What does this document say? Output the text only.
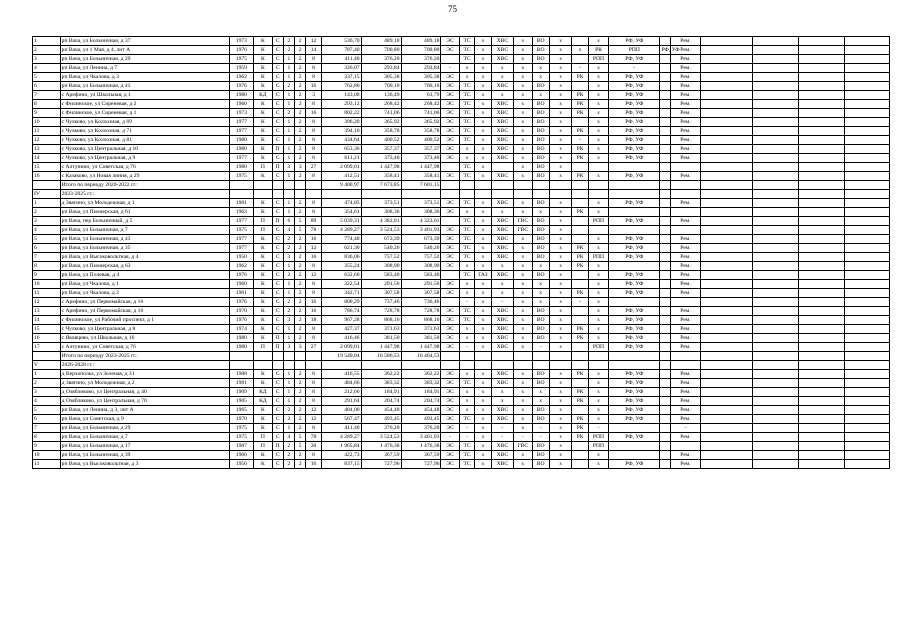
75
1	рп Вача, ул Больничная, д 37	1973	К	С	2	2	12	536,70	489,18	489,18	ЭС	ТС	х	ХВС	х	ВО	х		х	РФ, УФ		Рем.				
2	рп Вача, ул 1 Мая, д 4, лит А	1976	К	С	2	2	14	787,40	700,80	700,80	ЭС	ТС	х	ХВС	х	ВО	х	х	РК	РПП	РФ, УФ	Рем.				
3	рп Вача, ул Больничная, д 29	1975	К	С	1	2	8	411,40	376,20	376,20		ТС	х	ХВС	х	ВО	х		РПП	РФ, УФ		Рем.				
4	рп Вача, ул Ленина, д 7	1959	К	С	1	2	8	326,07	293,84	293,84	-	х	х	х	х	х	х	-	х	-		Рем.				
5	рп Вача, ул Чкалова, д 3	1962	К	С	1	2	8	337,15	305,38	305,38	ЭС	х	х	х	х	х	х	РК	х	РФ, УФ		Рем.				
6	рп Вача, ул Больничная, д 41	1976	К	С	2	2	16	762,80	700,10	700,10	ЭС	ТС	х	ХВС	х	ВО	х		х	РФ, УФ		Рем.				
7	с Арефино, ул Школьная, д 1	1980	КД	С	1	2	3	143,08	136,49	63,79	ЭС	ТС	х	х	х	х	х	РК	х	РФ, УФ		Рем.				
8	с Филинское, ул Сиреневая, д 2	1960	К	С	1	2	8	293,12	268,42	268,42	ЭС	ТС	х	ХВС	х	ВО	х	РК	х	РФ, УФ		Рем.				
9	с Филинское, ул Сиреневая, д 1	1973	К	С	2	2	16	802,22	741,06	741,06	ЭС	ТС	х	ХВС	х	ВО	х	РК	х	РФ, УФ		Рем.				
10	с Чулково, ул Колхозная, д 69	1977	К	С	1	2	8	396,20	365,92	365,92	ЭС	ТС	х	ХВС	х	ВО	х		х	РФ, УФ		Рем.				
11	с Чулково, ул Колхозная, д 71	1977	К	С	1	2	8	394,10	358,78	358,78	ЭС	ТС	х	ХВС	х	ВО	х	РК	х	РФ, УФ		Рем.				
12	с Чулково, ул Колхозная, д 81	1980	К	С	1	2	8	434,64	400,52	400,52	ЭС	ТС	х	ХВС	х	ВО	х	-	х	РФ, УФ		Рем.				
13	с Чулково, ул Центральная, д 10	1980	К	П	1	2	8	653,36	357,37	357,37	ЭС	х	х	ХВС	х	ВО	х	РК	х	РФ, УФ		Рем.				
14	с Чулково, ул Центральная, д 9	1977	К	С	1	2	8	611,21	373,40	373,40	ЭС	х	х	ХВС	х	ВО	х	РК	х	РФ, УФ		Рем.				
15	с Алтунино, ул Советская, д 76	1980	П	П	3	3	27	2 099,01	1 447,98	1 447,98		ТС	х		х	ВО	х									
16	с Казаково, ул Новая линия, д 29	1975	К	С	1	2	8	412,51	358,41	358,41	ЭС	ТС	х	ХВС	х	ВО	х	РК	х	РФ, УФ		Рем.				
	Итого по периоду 2020-2022 гг.:							9 400,97	7 673,85	7 601,15																
IV	2023-2025 гг.:																									
1	д Звягино, ул Молодежная, д 1	1981	К	С	1	2	8	474,85	373,51	373,51	ЭС	ТС	х	ХВС	х	ВО	х		х	РФ, УФ		Рем.				
2	рп Вача, ул Пионерская, д 61	1963	К	С	1	2	8	354,61	308,36	308,36	ЭС	х	х	х	х	х	х	РК	х							
3	рп Вача, пер Больничный, д 5	1977	П	П	6	5	89	5 039,31	4 382,01	4 323,61		ТС	х	ХВС	ГВС	ВО	х		РПП	РФ, УФ		Рем.				
4	рп Вача, ул Больничная, д 7	1975	П	С	4	5	78	4 289,27	3 524,53	3 461,93	ЭС	ТС	х	ХВС	ГВС	ВО	х									
5	рп Вача, ул Больничная, д 43	1977	К	С	2	2	16	774,40	673,39	673,39	ЭС	ТС	х	ХВС	х	ВО	х		х	РФ, УФ		Рем.				
6	рп Вача, ул Больничная, д 35	1977	К	С	2	2	12	621,30	540,26	540,26	ЭС	ТС	х	ХВС	х	ВО	х	РК	х	РФ, УФ		Рем.				
7	рп Вача, ул Высоковольтная, д 4	1950	К	С	3	2	16	836,06	757,52	757,52	ЭС	ТС	х	ХВС	х	ВО	х	РК	РПП	РФ, УФ		Рем.				
8	рп Вача, ул Пионерская, д 63	1962	К	С	1	2	8	355,24	308,90	308,90	ЭС	х	х	х	х	х	х	РК	х			Рем.				
9	рп Вача, ул Полевая, д 4	1976	К	С	2	2	12	632,60	583,40	583,40		ТС	ГАЗ	ХВС	х	ВО	х		х	РФ, УФ		Рем.				
10	рп Вача, ул Чкалова, д 1	1960	К	С	1	2	8	322,54	291,56	291,56	ЭС	х	х	х	х	х	х		х	РФ, УФ		Рем.				
11	рп Вача, ул Чкалова, д 2	1961	К	С	1	2	8	342,71	307,58	307,58	ЭС	х	х	х	х	х	х	РК	х	РФ, УФ		Рем.				
12	с Арефино, ул Первомайская, д 10	1976	К	С	2	2	16	800,29	737,46	736,46		-	х	-	х	х	х	-	х							
13	с Арефино, ул Первомайская, д 16	1970	К	С	2	2	16	786,74	728,78	728,78	ЭС	ТС	х	ХВС	х	ВО	х		х	РФ, УФ		Рем.				
14	с Филинское, ул Рабочий проспект, д 1	1976	К	С	3	2	18	967,28	868,16	868,16	ЭС	ТС	х	ХВС	х	ВО	х		х	РФ, УФ		Рем.				
15	с Чулково, ул Центральная, д 8	1974	К	С	1	2	8	427,37	371,63	371,63	ЭС	х	х	ХВС	х	ВО	х	РК	х	РФ, УФ		Рем.				
16	с Яковцево, ул Школьная, д 16	1980	К	П	1	2	8	416,46	381,50	381,50	ЭС	х	х	ХВС	х	ВО	х	РК	х	РФ, УФ		Рем.				
17	с Алтунино, ул Советская, д 76	1980	П	П	3	3	27	2 099,01	1 447,98	1 447,98	ЭС	-	х	ХВС	х	-	х		РПП	РФ, УФ		Рем.				
	Итого по периоду 2023-2025 гг.:							19 540,04	16 586,53	16 464,53																
V	2026-2028 гг.:																									
1	д Верхопольє, ул Зеленая, д 31	1988	К	С	1	2	8	416,55	362,22	362,22	ЭС	х	х	ХВС	х	ВО	х	РК	х	РФ, УФ		Рем.				
2	д Звягино, ул Молодежная, д 2	1981	К	С	1	2	8	484,66	383,32	383,32	ЭС	ТС	х	ХВС	х	ВО	х		х	РФ, УФ		Рем.				
3	д Озябликово, ул Центральная, д 40	1909	КД	С	1	2	8	212,66	184,91	184,91	ЭС	х	х	х	х	х	х	РК	х	РФ, УФ		Рем.				
4	д Озябликово, ул Центральная, д 70	1905	КД	С	1	2	8	291,64	204,74	204,74	ЭС	х	х	х	х	х	х	РК	х	РФ, УФ		Рем.				
5	рп Вача, ул Ленина, д 3, лит А	1965	К	С	2	2	12	484,00	454,48	454,48	ЭС	х	х	ХВС	х	ВО	х		х	РФ, УФ		Рем.				
6	рп Вача, ул Советская, д 9	1970	К	С	2	2	12	567,47	493,45	493,45	ЭС	ТС	х	ХВС	х	ВО	х	РК	х	РФ, УФ		Рем.				
7	рп Вача, ул Больничная, д 29	1975	К	С	1	2	8	411,40	376,20	376,20	ЭС	-	х	-	х	-	х	РК	-			-				
8	рп Вача, ул Больничная, д 7	1975	П	С	4	5	78	4 289,27	3 524,53	3 461,93	-	-	х	-	-	-	х	РК	РПП	РФ, УФ		Рем.				
9	рп Вача, ул Больничная, д 17	1987	П	П	2	5	30	1 965,84	1 476,38	1 476,38	ЭС	ТС	х	ХВС	ГВС	ВО	х		РПП							
10	рп Вача, ул Больничная, д 39	1966	К	С	2	2	8	422,73	367,59	367,59	ЭС	ТС	х	ХВС	х	ВО	х		х			Рем.				
11	рп Вача, ул Высоковольтная, д 3	1956	К	С	2	2	16	837,15	727,96	727,96	ЭС	ТС	х	ХВС	х	ВО	х		х	РФ, УФ		Рем.				
